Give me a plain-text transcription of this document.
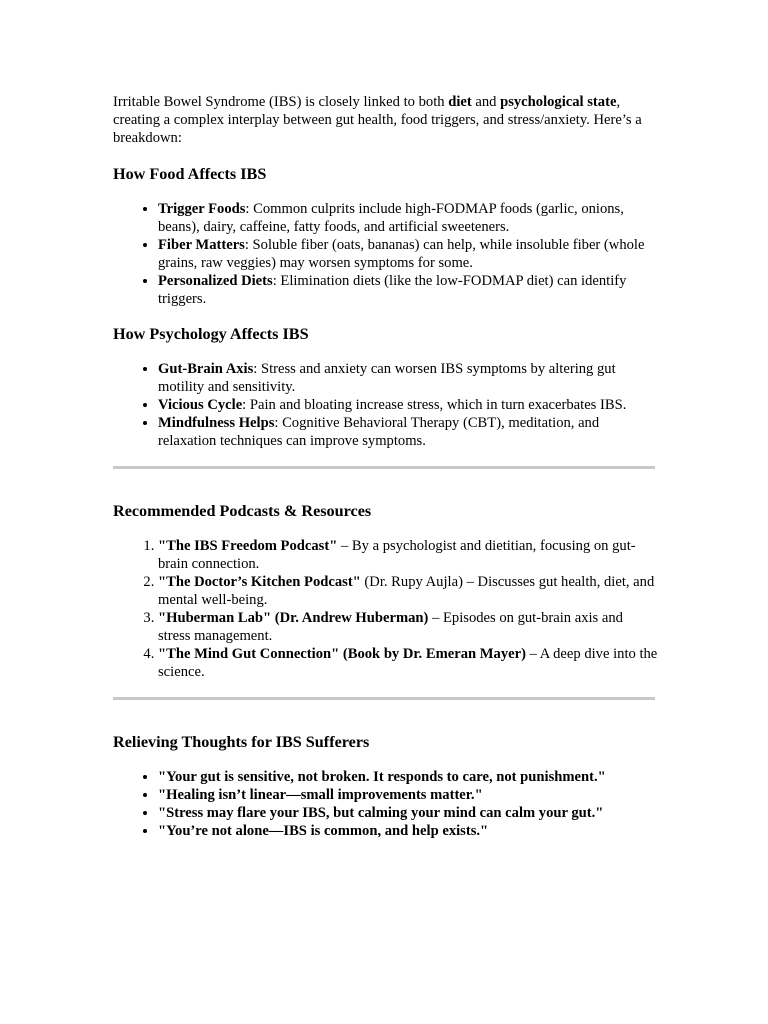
Irritable Bowel Syndrome (IBS) is closely linked to both diet and psychological state, creating a complex interplay between gut health, food triggers, and stress/anxiety. Here’s a breakdown:

How Food Affects IBS
• Trigger Foods: Common culprits include high-FODMAP foods (garlic, onions, beans), dairy, caffeine, fatty foods, and artificial sweeteners.
• Fiber Matters: Soluble fiber (oats, bananas) can help, while insoluble fiber (whole grains, raw veggies) may worsen symptoms for some.
• Personalized Diets: Elimination diets (like the low-FODMAP diet) can identify triggers.
How Psychology Affects IBS
• Gut-Brain Axis: Stress and anxiety can worsen IBS symptoms by altering gut motility and sensitivity.
• Vicious Cycle: Pain and bloating increase stress, which in turn exacerbates IBS.
• Mindfulness Helps: Cognitive Behavioral Therapy (CBT), meditation, and relaxation techniques can improve symptoms.
Recommended Podcasts & Resources
1. "The IBS Freedom Podcast" – By a psychologist and dietitian, focusing on gut-brain connection.
2. "The Doctor’s Kitchen Podcast" (Dr. Rupy Aujla) – Discusses gut health, diet, and mental well-being.
3. "Huberman Lab" (Dr. Andrew Huberman) – Episodes on gut-brain axis and stress management.
4. "The Mind Gut Connection" (Book by Dr. Emeran Mayer) – A deep dive into the science.
Relieving Thoughts for IBS Sufferers
• "Your gut is sensitive, not broken. It responds to care, not punishment."
• "Healing isn’t linear—small improvements matter."
• "Stress may flare your IBS, but calming your mind can calm your gut."
• "You’re not alone—IBS is common, and help exists."
